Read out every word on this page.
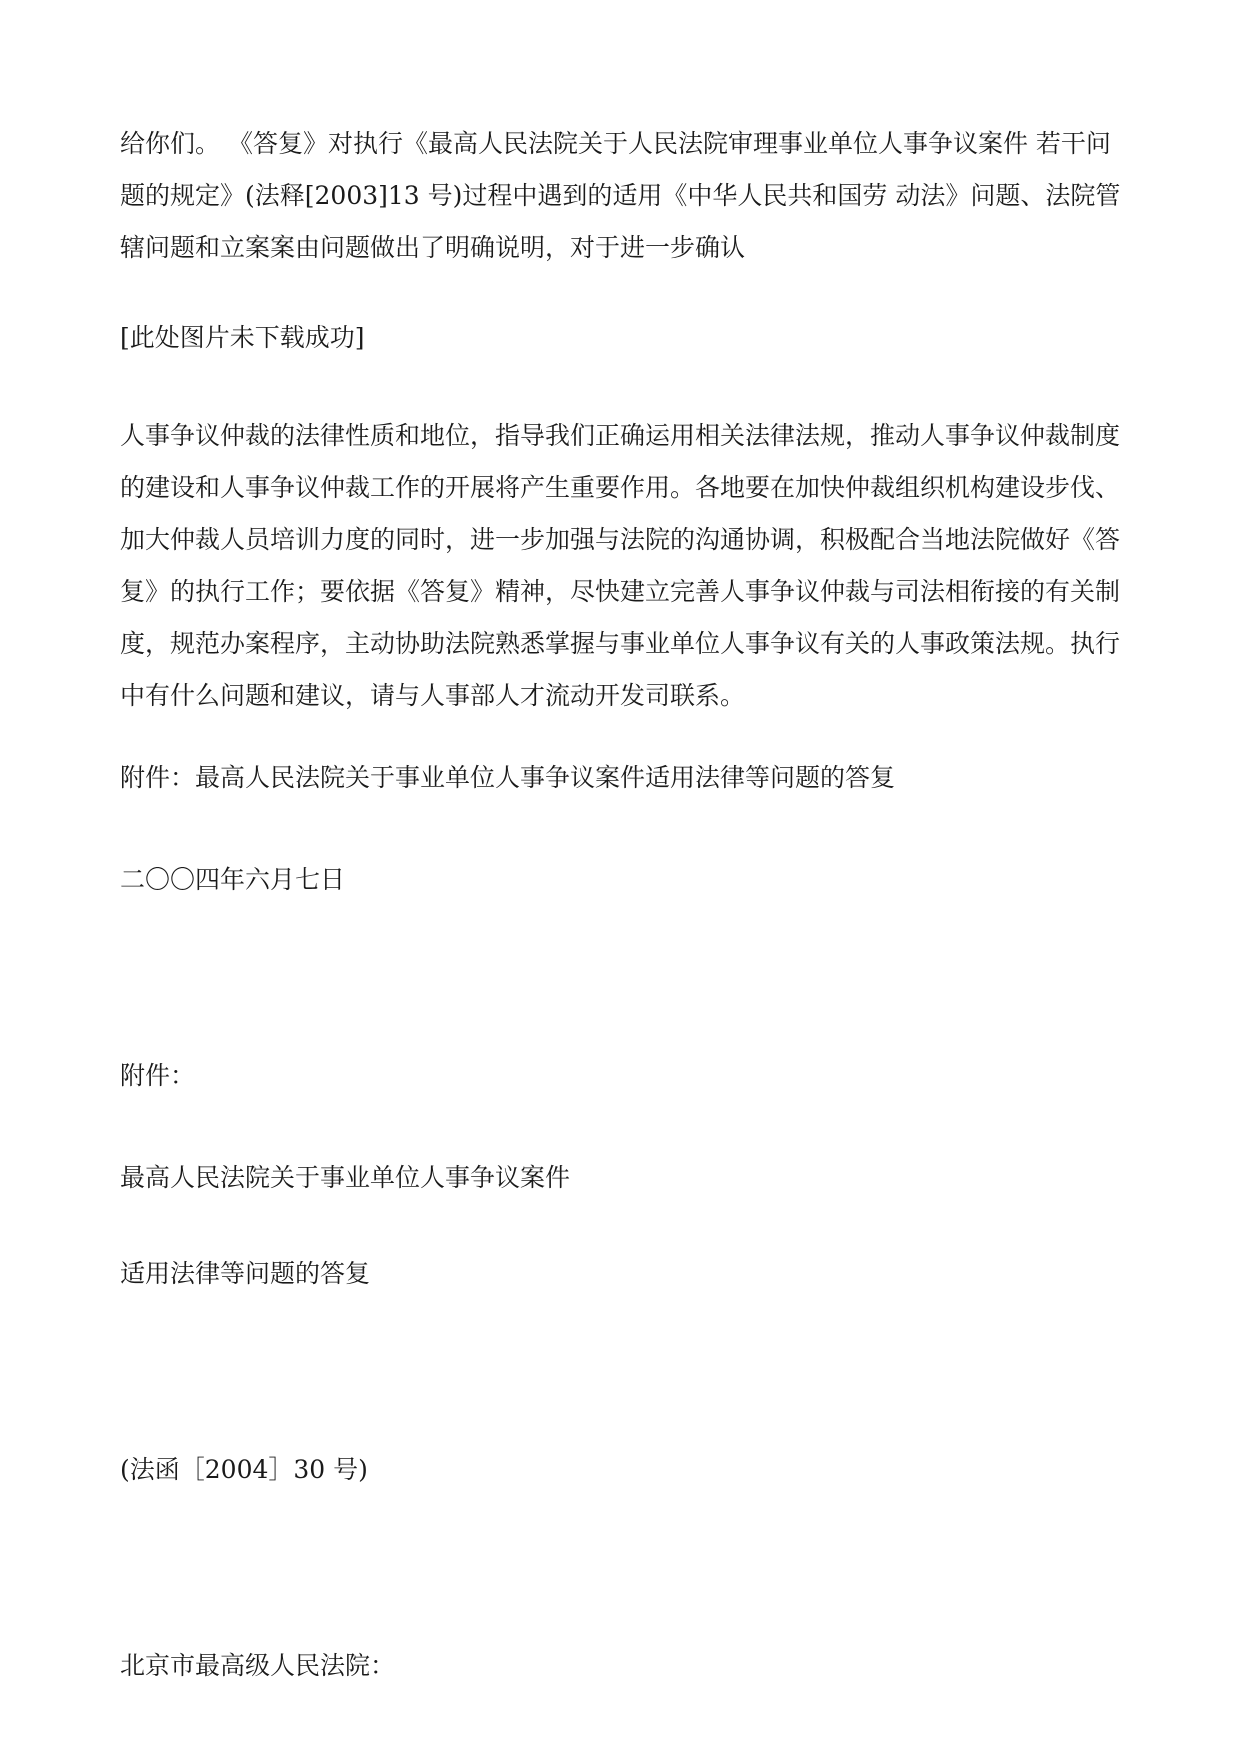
给你们。 《答复》对执行《最高人民法院关于人民法院审理事业单位人事争议案件 若干问题的规定》(法释[2003]13 号)过程中遇到的适用《中华人民共和国劳 动法》问题、法院管辖问题和立案案由问题做出了明确说明，对于进一步确认

[此处图片未下载成功]

人事争议仲裁的法律性质和地位，指导我们正确运用相关法律法规，推动人事争议仲裁制度的建设和人事争议仲裁工作的开展将产生重要作用。各地要在加快仲裁组织机构建设步伐、加大仲裁人员培训力度的同时，进一步加强与法院的沟通协调，积极配合当地法院做好《答复》的执行工作；要依据《答复》精神，尽快建立完善人事争议仲裁与司法相衔接的有关制度，规范办案程序，主动协助法院熟悉掌握与事业单位人事争议有关的人事政策法规。执行中有什么问题和建议，请与人事部人才流动开发司联系。

附件：最高人民法院关于事业单位人事争议案件适用法律等问题的答复

二〇〇四年六月七日

附件：

最高人民法院关于事业单位人事争议案件

适用法律等问题的答复

(法函［2004］30 号)

北京市最高级人民法院：
